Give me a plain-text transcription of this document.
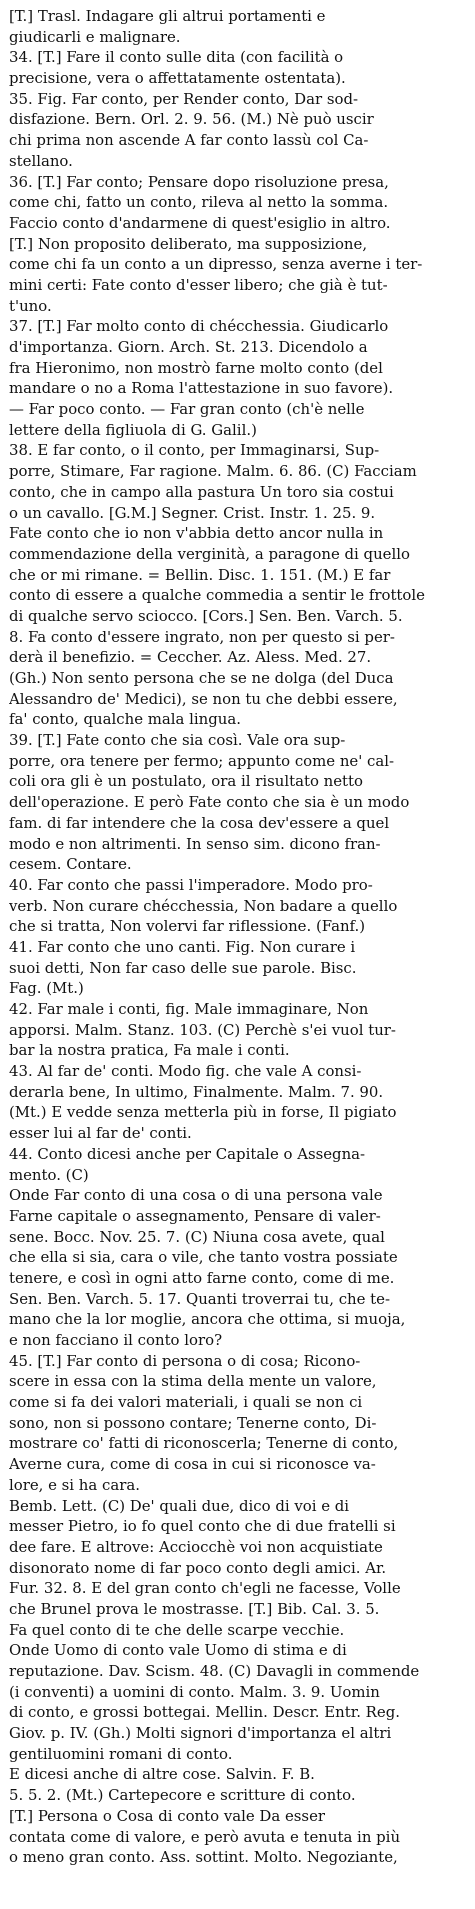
[T.] Trasl. Indagare gli altrui portamenti e
giudicarli e malignare.
34. [T.] Fare il conto sulle dita (con facilità o
precisione, vera o affettatamente ostentata).
35. Fig. Far conto, per Render conto, Dar sod-
disfazione. Bern. Orl. 2. 9. 56. (M.) Nè può uscir
chi prima non ascende A far conto lassù col Ca-
stellano.
36. [T.] Far conto; Pensare dopo risoluzione presa,
come chi, fatto un conto, rileva al netto la somma.
Faccio conto d'andarmene di quest'esiglio in altro.
[T.] Non proposito deliberato, ma supposizione,
come chi fa un conto a un dipresso, senza averne i ter-
mini certi: Fate conto d'esser libero; che già è tut-
t'uno.
37. [T.] Far molto conto di chécchessia. Giudicarlo
d'importanza. Giorn. Arch. St. 213. Dicendolo a
fra Hieronimo, non mostrò farne molto conto (del
mandare o no a Roma l'attestazione in suo favore).
— Far poco conto. — Far gran conto (ch'è nelle
lettere della figliuola di G. Galil.)
38. E far conto, o il conto, per Immaginarsi, Sup-
porre, Stimare, Far ragione. Malm. 6. 86. (C) Facciam
conto, che in campo alla pastura Un toro sia costui
o un cavallo. [G.M.] Segner. Crist. Instr. 1. 25. 9.
Fate conto che io non v'abbia detto ancor nulla in
commendazione della verginità, a paragone di quello
che or mi rimane. = Bellin. Disc. 1. 151. (M.) E far
conto di essere a qualche commedia a sentir le frottole
di qualche servo sciocco. [Cors.] Sen. Ben. Varch. 5.
8. Fa conto d'essere ingrato, non per questo si per-
derà il benefizio. = Ceccher. Az. Aless. Med. 27.
(Gh.) Non sento persona che se ne dolga (del Duca
Alessandro de' Medici), se non tu che debbi essere,
fa' conto, qualche mala lingua.
39. [T.] Fate conto che sia così. Vale ora sup-
porre, ora tenere per fermo; appunto come ne' cal-
coli ora gli è un postulato, ora il risultato netto
dell'operazione. E però Fate conto che sia è un modo
fam. di far intendere che la cosa dev'essere a quel
modo e non altrimenti. In senso sim. dicono fran-
cesem. Contare.
40. Far conto che passi l'imperadore. Modo pro-
verb. Non curare chécchessia, Non badare a quello
che si tratta, Non volervi far riflessione. (Fanf.)
41. Far conto che uno canti. Fig. Non curare i
suoi detti, Non far caso delle sue parole. Bisc.
Fag. (Mt.)
42. Far male i conti, fig. Male immaginare, Non
apporsi. Malm. Stanz. 103. (C) Perchè s'ei vuol tur-
bar la nostra pratica, Fa male i conti.
43. Al far de' conti. Modo fig. che vale A consi-
derarla bene, In ultimo, Finalmente. Malm. 7. 90.
(Mt.) E vedde senza metterla più in forse, Il pigiato
esser lui al far de' conti.
44. Conto dicesi anche per Capitale o Assegna-
mento. (C)
Onde Far conto di una cosa o di una persona vale
Farne capitale o assegnamento, Pensare di valer-
sene. Bocc. Nov. 25. 7. (C) Niuna cosa avete, qual
che ella si sia, cara o vile, che tanto vostra possiate
tenere, e così in ogni atto farne conto, come di me.
Sen. Ben. Varch. 5. 17. Quanti troverrai tu, che te-
mano che la lor moglie, ancora che ottima, si muoja,
e non facciano il conto loro?
45. [T.] Far conto di persona o di cosa; Ricono-
scere in essa con la stima della mente un valore,
come si fa dei valori materiali, i quali se non ci
sono, non si possono contare; Tenerne conto, Di-
mostrare co' fatti di riconoscerla; Tenerne di conto,
Averne cura, come di cosa in cui si riconosce va-
lore, e si ha cara.
Bemb. Lett. (C) De' quali due, dico di voi e di
messer Pietro, io fo quel conto che di due fratelli si
dee fare. E altrove: Acciocchè voi non acquistiate
disonorato nome di far poco conto degli amici. Ar.
Fur. 32. 8. E del gran conto ch'egli ne facesse, Volle
che Brunel prova le mostrasse. [T.] Bib. Cal. 3. 5.
Fa quel conto di te che delle scarpe vecchie.
Onde Uomo di conto vale Uomo di stima e di
reputazione. Dav. Scism. 48. (C) Davagli in commende
(i conventi) a uomini di conto. Malm. 3. 9. Uomin
di conto, e grossi bottegai. Mellin. Descr. Entr. Reg.
Giov. p. IV. (Gh.) Molti signori d'importanza el altri
gentiluomini romani di conto.
E dicesi anche di altre cose. Salvin. F. B.
5. 5. 2. (Mt.) Cartepecore e scritture di conto.
[T.] Persona o Cosa di conto vale Da esser
contata come di valore, e però avuta e tenuta in più
o meno gran conto. Ass. sottint. Molto. Negoziante,
